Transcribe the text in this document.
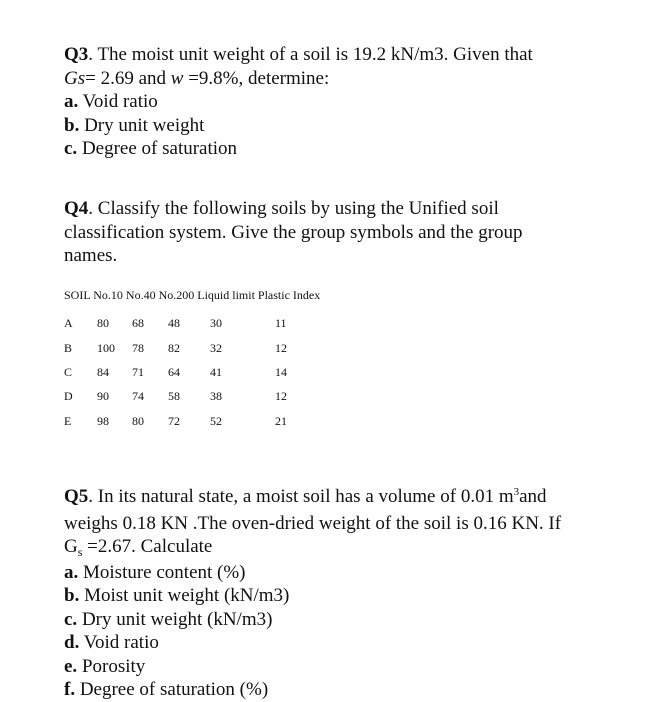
Q3. The moist unit weight of a soil is 19.2 kN/m3. Given that
Gs= 2.69 and w =9.8%, determine:
a. Void ratio
b. Dry unit weight
c. Degree of saturation
Q4. Classify the following soils by using the Unified soil
classification system. Give the group symbols and the group
names.
SOIL No.10 No.40 No.200 Liquid limit Plastic Index
A 80 68 48	30	11
B 100 78 82	32	12
C 84 71 64	41	14
D 90 74 58	38	12
E 98 80 72	52	21
Q5. In its natural state, a moist soil has a volume of 0.01 $m^3and$
weighs 0.18 KN .The oven-dried weight of the soil is 0.16 KN. If
$G_s =2.67$. Calculate
a. Moisture content (%)
b. Moist unit weight (kN/m3)
c. Dry unit weight (kN/m3)
d. Void ratio
e. Porosity
f. Degree of saturation (%)
